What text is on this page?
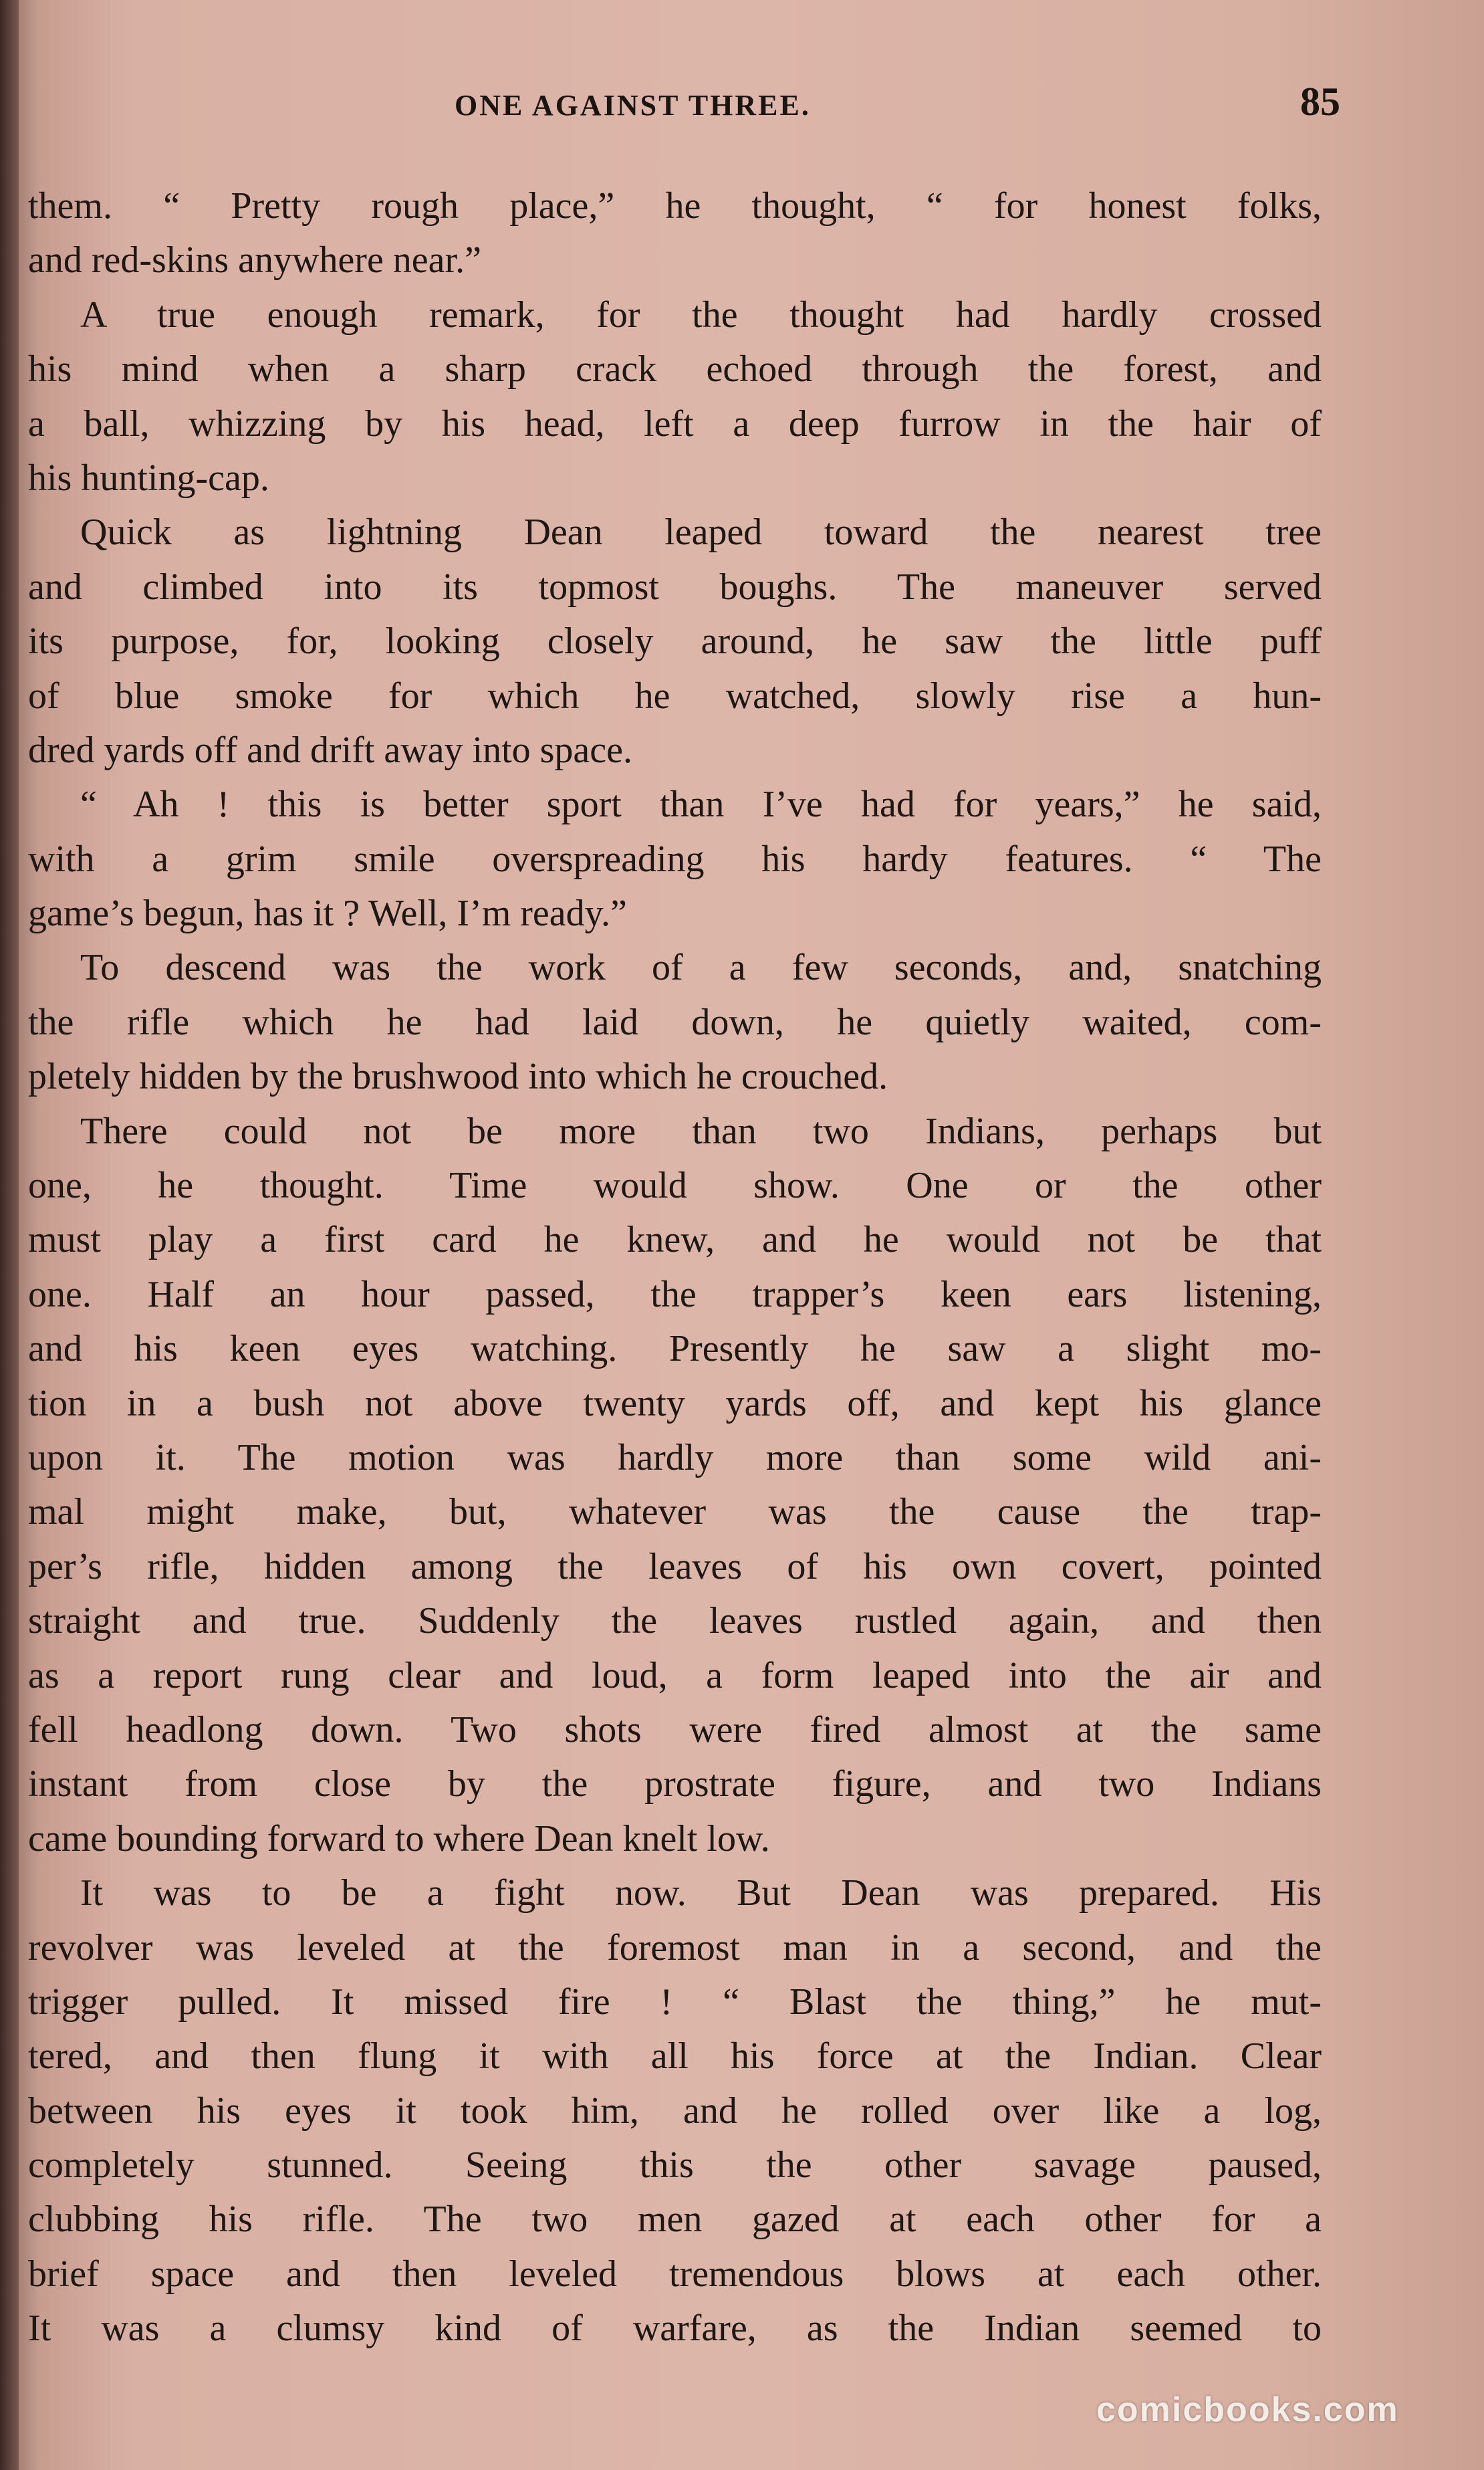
ONE AGAINST THREE.	85
them. “ Pretty rough place,” he thought, “ for honest folks,
and red-skins anywhere near.”
A true enough remark, for the thought had hardly crossed
his mind when a sharp crack echoed through the forest, and
a ball, whizzing by his head, left a deep furrow in the hair of
his hunting-cap.
Quick as lightning Dean leaped toward the nearest tree
and climbed into its topmost boughs. The maneuver served
its purpose, for, looking closely around, he saw the little puff
of blue smoke for which he watched, slowly rise a hun-
dred yards off and drift away into space.
“ Ah ! this is better sport than I’ve had for years,” he said,
with a grim smile overspreading his hardy features. “ The
game’s begun, has it ? Well, I’m ready.”
To descend was the work of a few seconds, and, snatching
the rifle which he had laid down, he quietly waited, com-
pletely hidden by the brushwood into which he crouched.
There could not be more than two Indians, perhaps but
one, he thought. Time would show. One or the other
must play a first card he knew, and he would not be that
one. Half an hour passed, the trapper’s keen ears listening,
and his keen eyes watching. Presently he saw a slight mo-
tion in a bush not above twenty yards off, and kept his glance
upon it. The motion was hardly more than some wild ani-
mal might make, but, whatever was the cause the trap-
per’s rifle, hidden among the leaves of his own covert, pointed
straight and true. Suddenly the leaves rustled again, and then
as a report rung clear and loud, a form leaped into the air and
fell headlong down. Two shots were fired almost at the same
instant from close by the prostrate figure, and two Indians
came bounding forward to where Dean knelt low.
It was to be a fight now. But Dean was prepared. His
revolver was leveled at the foremost man in a second, and the
trigger pulled. It missed fire ! “ Blast the thing,” he mut-
tered, and then flung it with all his force at the Indian. Clear
between his eyes it took him, and he rolled over like a log,
completely stunned. Seeing this the other savage paused,
clubbing his rifle. The two men gazed at each other for a
brief space and then leveled tremendous blows at each other.
It was a clumsy kind of warfare, as the Indian seemed to
comicbooks.com
